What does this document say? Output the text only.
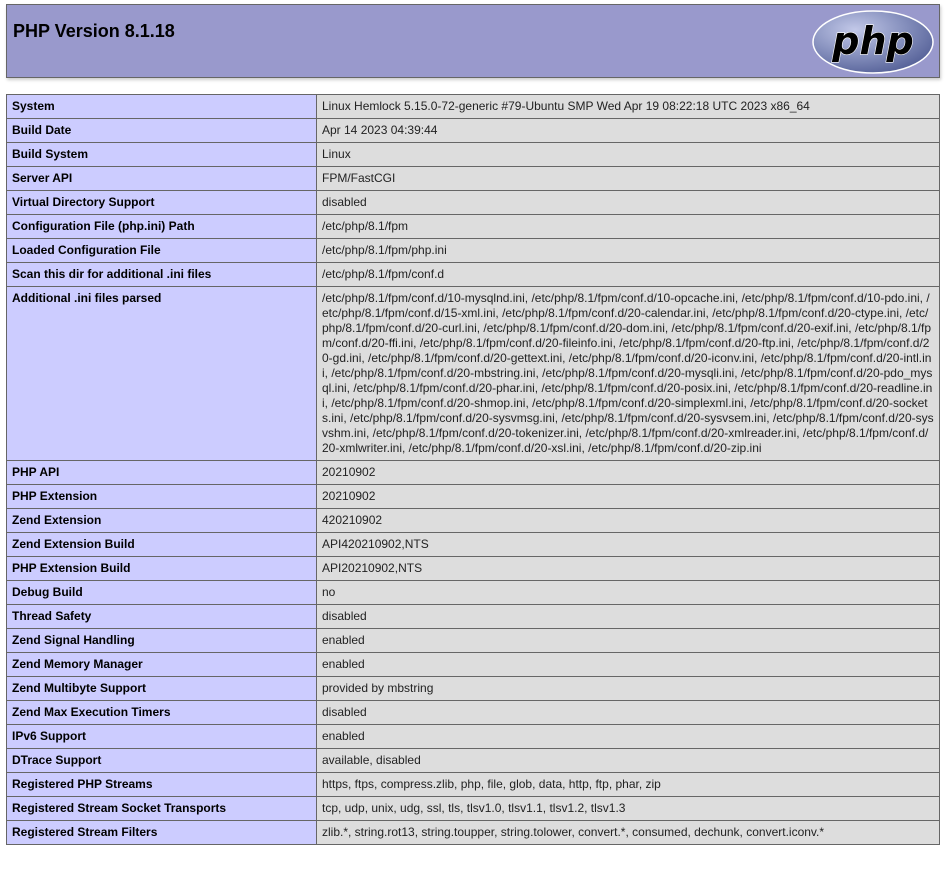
PHP Version 8.1.18	php
System	Linux Hemlock 5.15.0-72-generic #79-Ubuntu SMP Wed Apr 19 08:22:18 UTC 2023 x86_64
Build Date	Apr 14 2023 04:39:44
Build System	Linux
Server API	FPM/FastCGI
Virtual Directory Support	disabled
Configuration File (php.ini) Path	/etc/php/8.1/fpm
Loaded Configuration File	/etc/php/8.1/fpm/php.ini
Scan this dir for additional .ini files	/etc/php/8.1/fpm/conf.d
Additional .ini files parsed	/etc/php/8.1/fpm/conf.d/10-mysqlnd.ini, /etc/php/8.1/fpm/conf.d/10-opcache.ini, /etc/php/8.1/fpm/conf.d/10-pdo.ini, /etc/php/8.1/fpm/conf.d/15-xml.ini, /etc/php/8.1/fpm/conf.d/20-calendar.ini, /etc/php/8.1/fpm/conf.d/20-ctype.ini, /etc/php/8.1/fpm/conf.d/20-curl.ini, /etc/php/8.1/fpm/conf.d/20-dom.ini, /etc/php/8.1/fpm/conf.d/20-exif.ini, /etc/php/8.1/fpm/conf.d/20-ffi.ini, /etc/php/8.1/fpm/conf.d/20-fileinfo.ini, /etc/php/8.1/fpm/conf.d/20-ftp.ini, /etc/php/8.1/fpm/conf.d/20-gd.ini, /etc/php/8.1/fpm/conf.d/20-gettext.ini, /etc/php/8.1/fpm/conf.d/20-iconv.ini, /etc/php/8.1/fpm/conf.d/20-intl.ini, /etc/php/8.1/fpm/conf.d/20-mbstring.ini, /etc/php/8.1/fpm/conf.d/20-mysqli.ini, /etc/php/8.1/fpm/conf.d/20-pdo_mysql.ini, /etc/php/8.1/fpm/conf.d/20-phar.ini, /etc/php/8.1/fpm/conf.d/20-posix.ini, /etc/php/8.1/fpm/conf.d/20-readline.ini, /etc/php/8.1/fpm/conf.d/20-shmop.ini, /etc/php/8.1/fpm/conf.d/20-simplexml.ini, /etc/php/8.1/fpm/conf.d/20-sockets.ini, /etc/php/8.1/fpm/conf.d/20-sysvmsg.ini, /etc/php/8.1/fpm/conf.d/20-sysvsem.ini, /etc/php/8.1/fpm/conf.d/20-sysvshm.ini, /etc/php/8.1/fpm/conf.d/20-tokenizer.ini, /etc/php/8.1/fpm/conf.d/20-xmlreader.ini, /etc/php/8.1/fpm/conf.d/20-xmlwriter.ini, /etc/php/8.1/fpm/conf.d/20-xsl.ini, /etc/php/8.1/fpm/conf.d/20-zip.ini
PHP API	20210902
PHP Extension	20210902
Zend Extension	420210902
Zend Extension Build	API420210902,NTS
PHP Extension Build	API20210902,NTS
Debug Build	no
Thread Safety	disabled
Zend Signal Handling	enabled
Zend Memory Manager	enabled
Zend Multibyte Support	provided by mbstring
Zend Max Execution Timers	disabled
IPv6 Support	enabled
DTrace Support	available, disabled
Registered PHP Streams	https, ftps, compress.zlib, php, file, glob, data, http, ftp, phar, zip
Registered Stream Socket Transports	tcp, udp, unix, udg, ssl, tls, tlsv1.0, tlsv1.1, tlsv1.2, tlsv1.3
Registered Stream Filters	zlib.*, string.rot13, string.toupper, string.tolower, convert.*, consumed, dechunk, convert.iconv.*
